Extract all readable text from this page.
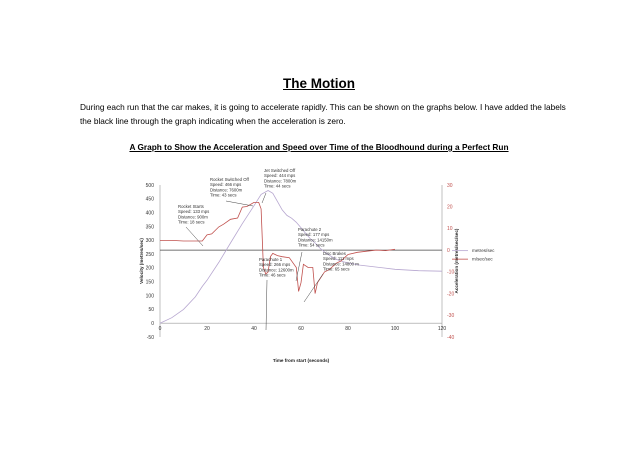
The Motion
During each run that the car makes, it is going to accelerate rapidly. This can be shown on the graphs below. I have added the labels
the black line through the graph indicating when the acceleration is zero.
A Graph to Show the Acceleration and Speed over Time of the Bloodhound during a Perfect Run
0	20	40	60	80	100	120
-50
0
50
100
150
200
250
300
350
400
450
500
-40
-30
-20
-10
0
10
20
30
Time from start (seconds)
Velocity (metres/sec)	Acceleration (metres/sec/sec)	metres/sec
m/sec/sec
Rocket Starts
Speed: 133 mps
Distance: 900m
Time: 18 secs
Rocket Switched Off
Speed: 466 mps
Distance: 7600m
Time: 43 secs
Jet Switched Off
Speed: 444 mps
Distance: 7800m
Time: 44 secs
Parachute 1
Speed: 266 mps
Distance: 12600m
Time: 46 secs
Parachute 2
Speed: 177 mps
Distance: 14150m
Time: 54 secs
Disc Brakes
Speed: 111 mps
Distance: 14800 m
Time: 65 secs
